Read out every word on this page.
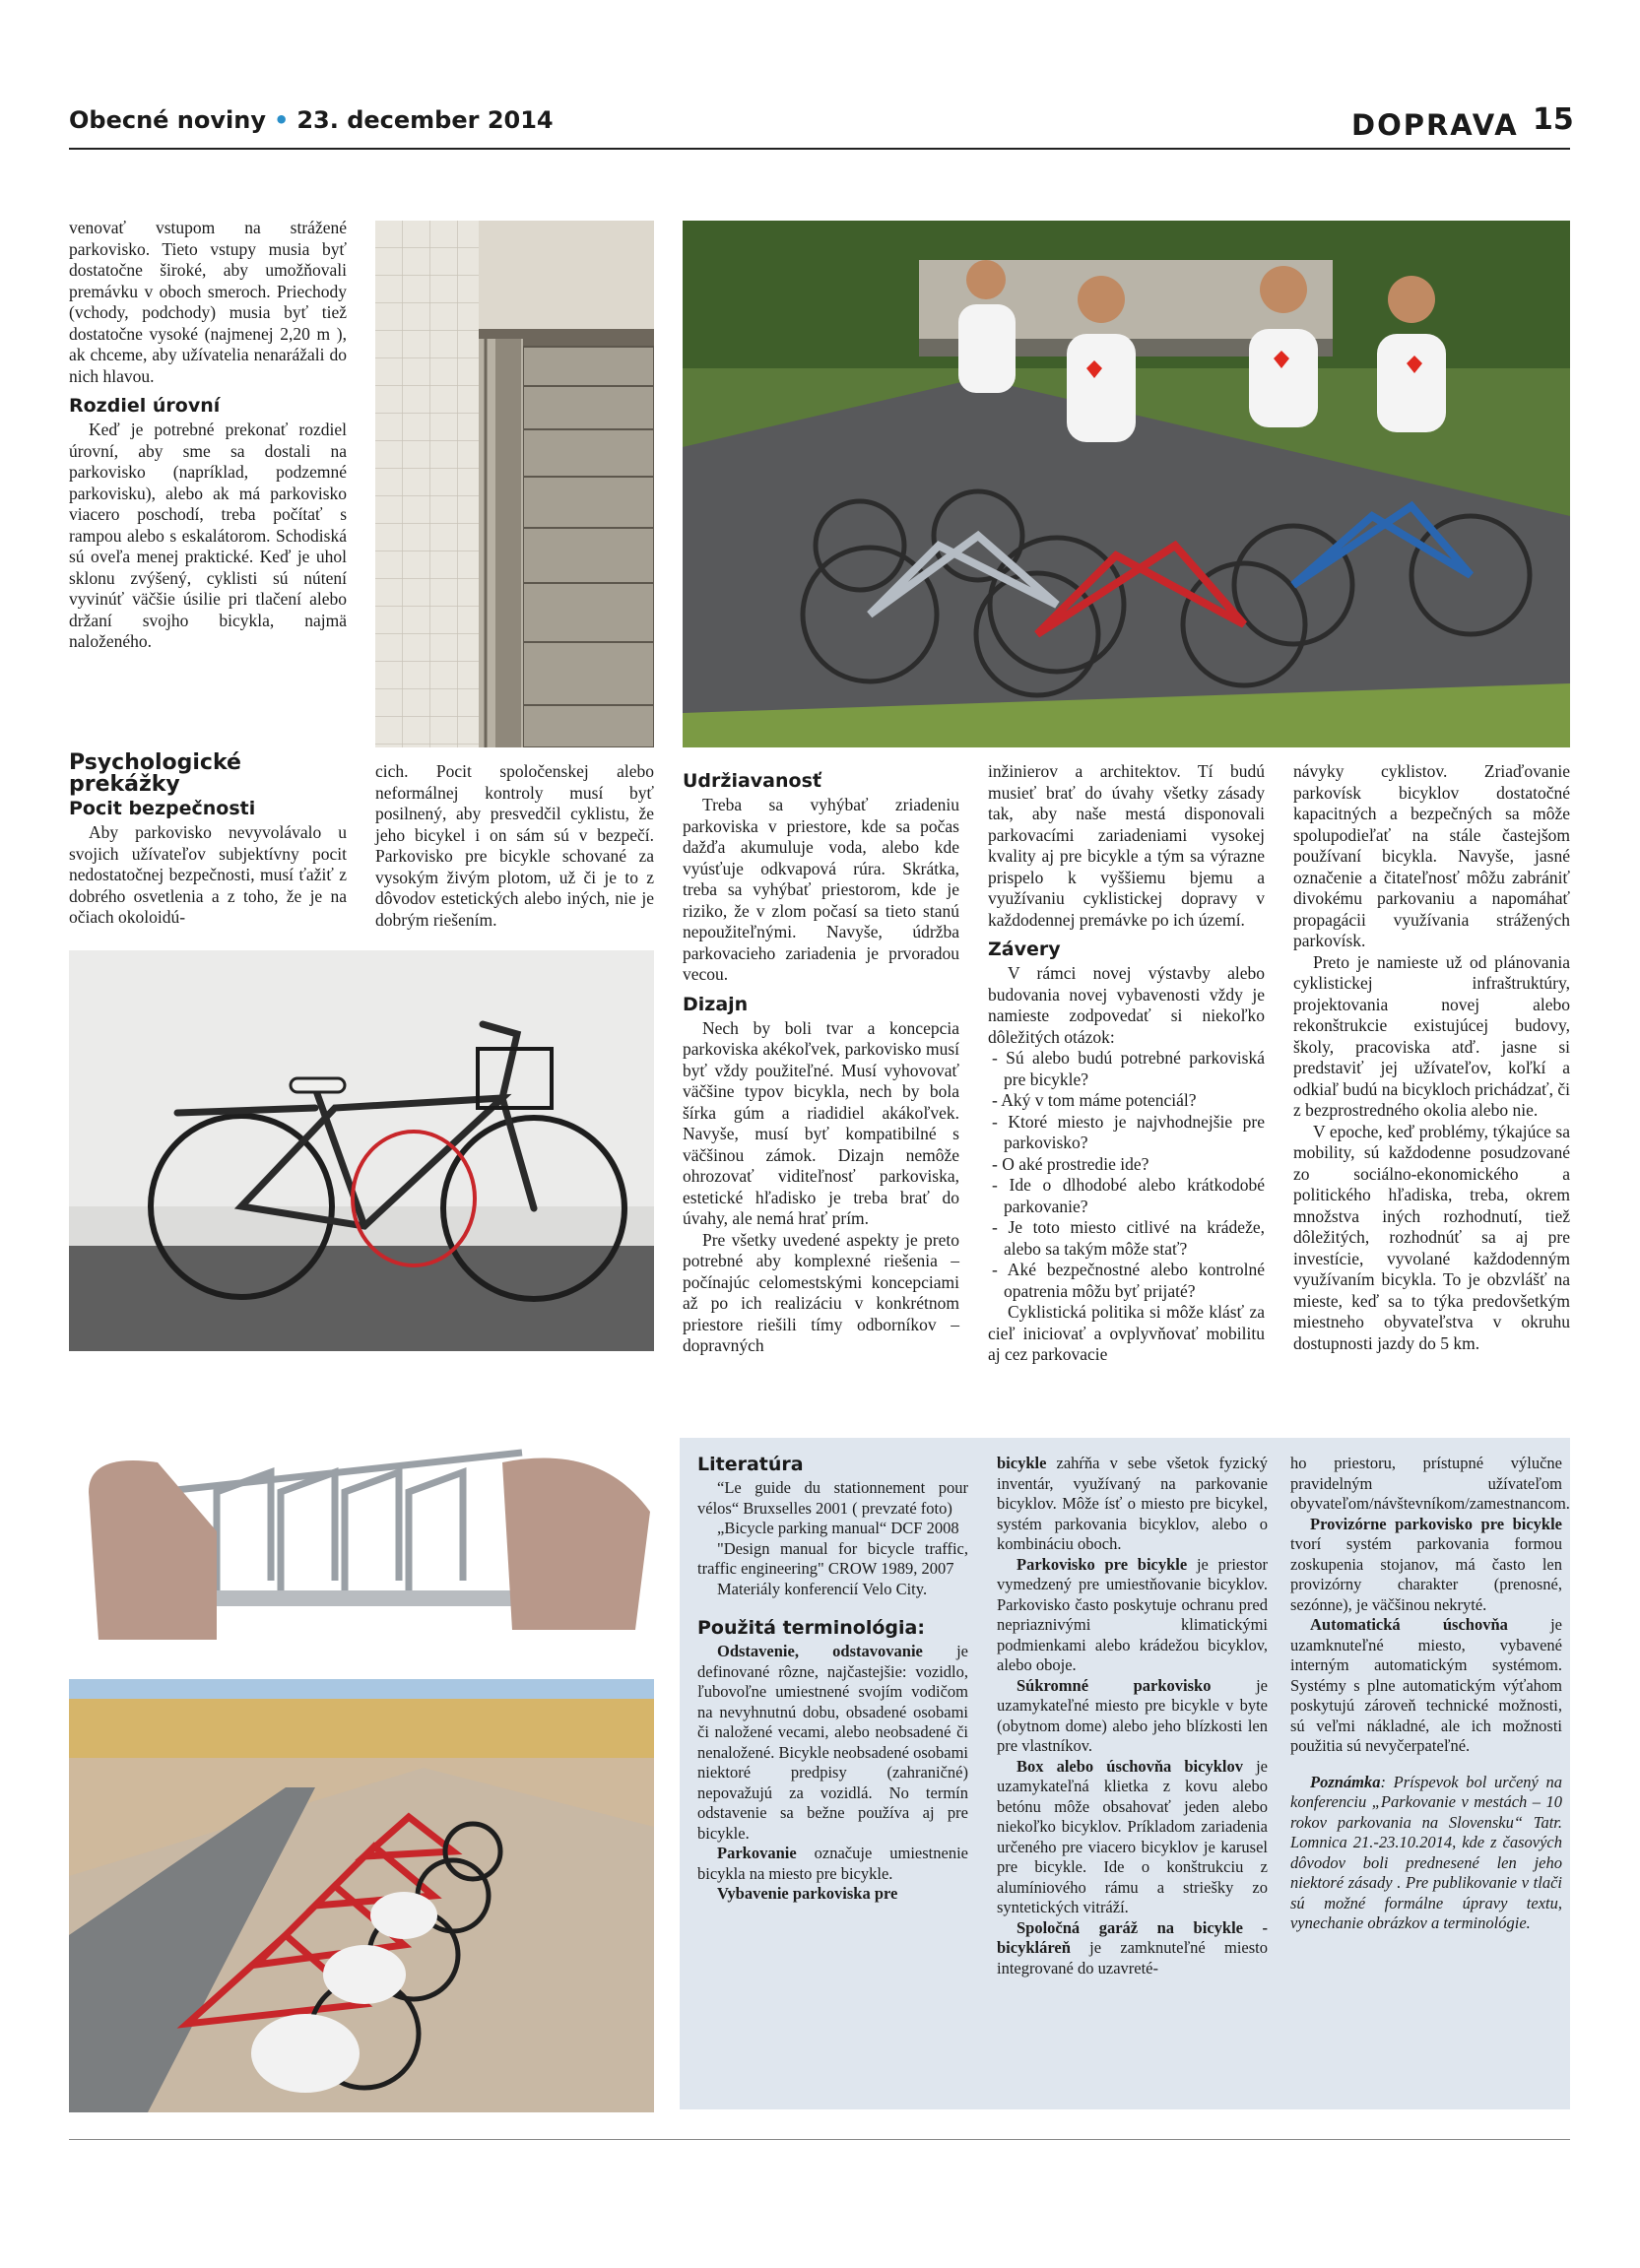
Obecné noviny • 23. december 2014	DOPRAVA 15

venovať vstupom na strážené parkovisko. Tieto vstupy musia byť dostatočne široké, aby umožňovali premávku v oboch smeroch. Priechody (vchody, podchody) musia byť tiež dostatočne vysoké (najmenej 2,20 m ), ak chceme, aby užívatelia nenarážali do nich hlavou.

Rozdiel úrovní

Keď je potrebné prekonať rozdiel úrovní, aby sme sa dostali na parkovisko (napríklad, podzemné parkovisku), alebo ak má parkovisko viacero poschodí, treba počítať s rampou alebo s eskalátorom. Schodiská sú oveľa menej praktické. Keď je uhol sklonu zvýšený, cyklisti sú nútení vyvinúť väčšie úsilie pri tlačení alebo držaní svojho bicykla, najmä naloženého.

Psychologické prekážky
Pocit bezpečnosti

Aby parkovisko nevyvolávalo u svojich užívateľov subjektívny pocit nedostatočnej bezpečnosti, musí ťažiť z dobrého osvetlenia a z toho, že je na očiach okoloidú-

cich. Pocit spoločenskej alebo neformálnej kontroly musí byť posilnený, aby presvedčil cyklistu, že jeho bicykel i on sám sú v bezpečí. Parkovisko pre bicykle schované za vysokým živým plotom, už či je to z dôvodov estetických alebo iných, nie je dobrým riešením.

Udržiavanosť

Treba sa vyhýbať zriadeniu parkoviska v priestore, kde sa počas dažďa akumuluje voda, alebo kde vyúsťuje odkvapová rúra. Skrátka, treba sa vyhýbať priestorom, kde je riziko, že v zlom počasí sa tieto stanú nepoužiteľnými. Navyše, údržba parkovacieho zariadenia je prvoradou vecou.

Dizajn

Nech by boli tvar a koncepcia parkoviska akékoľvek, parkovisko musí byť vždy použiteľné. Musí vyhovovať väčšine typov bicykla, nech by bola šírka gúm a riadidiel akákoľvek. Navyše, musí byť kompatibilné s väčšinou zámok. Dizajn nemôže ohrozovať viditeľnosť parkoviska, estetické hľadisko je treba brať do úvahy, ale nemá hrať prím.

Pre všetky uvedené aspekty je preto potrebné aby komplexné riešenia – počínajúc celomestskými koncepciami až po ich realizáciu v konkrétnom priestore riešili tímy odborníkov – dopravných

inžinierov a architektov. Tí budú musieť brať do úvahy všetky zásady tak, aby naše mestá disponovali parkovacími zariadeniami vysokej kvality aj pre bicykle a tým sa výrazne prispelo k vyššiemu bjemu a využívaniu cyklistickej dopravy v každodennej premávke po ich území.

Závery

V rámci novej výstavby alebo budovania novej vybavenosti vždy je namieste zodpovedať si niekoľko dôležitých otázok:

- Sú alebo budú potrebné parkoviská pre bicykle?
- Aký v tom máme potenciál?
- Ktoré miesto je najvhodnejšie pre parkovisko?
- O aké prostredie ide?
- Ide o dlhodobé alebo krátkodobé parkovanie?
- Je toto miesto citlivé na krádeže, alebo sa takým môže stať?
- Aké bezpečnostné alebo kontrolné opatrenia môžu byť prijaté?

Cyklistická politika si môže klásť za cieľ iniciovať a ovplyvňovať mobilitu aj cez parkovacie

návyky cyklistov. Zriaďovanie parkovísk bicyklov dostatočné kapacitných a bezpečných sa môže spolupodieľať na stále častejšom používaní bicykla. Navyše, jasné označenie a čitateľnosť môžu zabrániť divokému parkovaniu a napomáhať propagácii využívania strážených parkovísk.

Preto je namieste už od plánovania cyklistickej infraštruktúry, projektovania novej alebo rekonštrukcie existujúcej budovy, školy, pracoviska atď. jasne si predstaviť jej užívateľov, koľkí a odkiaľ budú na bicykloch prichádzať, či z bezprostredného okolia alebo nie.

V epoche, keď problémy, týkajúce sa mobility, sú každodenne posudzované zo sociálno-ekonomického a politického hľadiska, treba, okrem množstva iných rozhodnutí, tiež dôležitých, rozhodnúť sa aj pre investície, vyvolané každodenným využívaním bicykla. To je obzvlášť na mieste, keď sa to týka predovšetkým miestneho obyvateľstva v okruhu dostupnosti jazdy do 5 km.

Literatúra

“Le guide du stationnement pour vélos“ Bruxselles 2001 ( prevzaté foto)

„Bicycle parking manual“ DCF 2008

"Design manual for bicycle traffic, traffic engineering" CROW 1989, 2007

Materiály konferencií Velo City.

Použitá terminológia:

Odstavenie, odstavovanie je definované rôzne, najčastejšie: vozidlo, ľubovoľne umiestnené svojím vodičom na nevyhnutnú dobu, obsadené osobami či naložené vecami, alebo neobsadené či nenaložené. Bicykle neobsadené osobami niektoré predpisy (zahraničné) nepovažujú za vozidlá. No termín odstavenie sa bežne používa aj pre bicykle.

Parkovanie označuje umiestnenie bicykla na miesto pre bicykle.

Vybavenie parkoviska pre

bicykle zahŕňa v sebe všetok fyzický inventár, využívaný na parkovanie bicyklov. Môže ísť o miesto pre bicykel, systém parkovania bicyklov, alebo o kombináciu oboch.

Parkovisko pre bicykle je priestor vymedzený pre umiestňovanie bicyklov. Parkovisko často poskytuje ochranu pred nepriaznivými klimatickými podmienkami alebo krádežou bicyklov, alebo oboje.

Súkromné parkovisko je uzamykateľné miesto pre bicykle v byte (obytnom dome) alebo jeho blízkosti len pre vlastníkov.

Box alebo úschovňa bicyklov je uzamykateľná klietka z kovu alebo betónu môže obsahovať jeden alebo niekoľko bicyklov. Príkladom zariadenia určeného pre viacero bicyklov je karusel pre bicykle. Ide o konštrukciu z alumíniového rámu a striešky zo syntetických vitráží.

Spoločná garáž na bicykle - bicykláreň je zamknuteľné miesto integrované do uzavreté-

ho priestoru, prístupné výlučne pravidelným užívateľom obyvateľom/návštevníkom/zamestnancom.

Provizórne parkovisko pre bicykle tvorí systém parkovania formou zoskupenia stojanov, má často len provizórny charakter (prenosné, sezónne), je väčšinou nekryté.

Automatická úschovňa je uzamknuteľné miesto, vybavené interným automatickým systémom. Systémy s plne automatickým výťahom poskytujú zároveň technické možnosti, sú veľmi nákladné, ale ich možnosti použitia sú nevyčerpateľné.

Poznámka: Príspevok bol určený na konferenciu „Parkovanie v mestách – 10 rokov parkovania na Slovensku“ Tatr. Lomnica 21.-23.10.2014, kde z časových dôvodov boli prednesené len jeho niektoré zásady . Pre publikovanie v tlači sú možné formálne úpravy textu, vynechanie obrázkov a terminológie.
